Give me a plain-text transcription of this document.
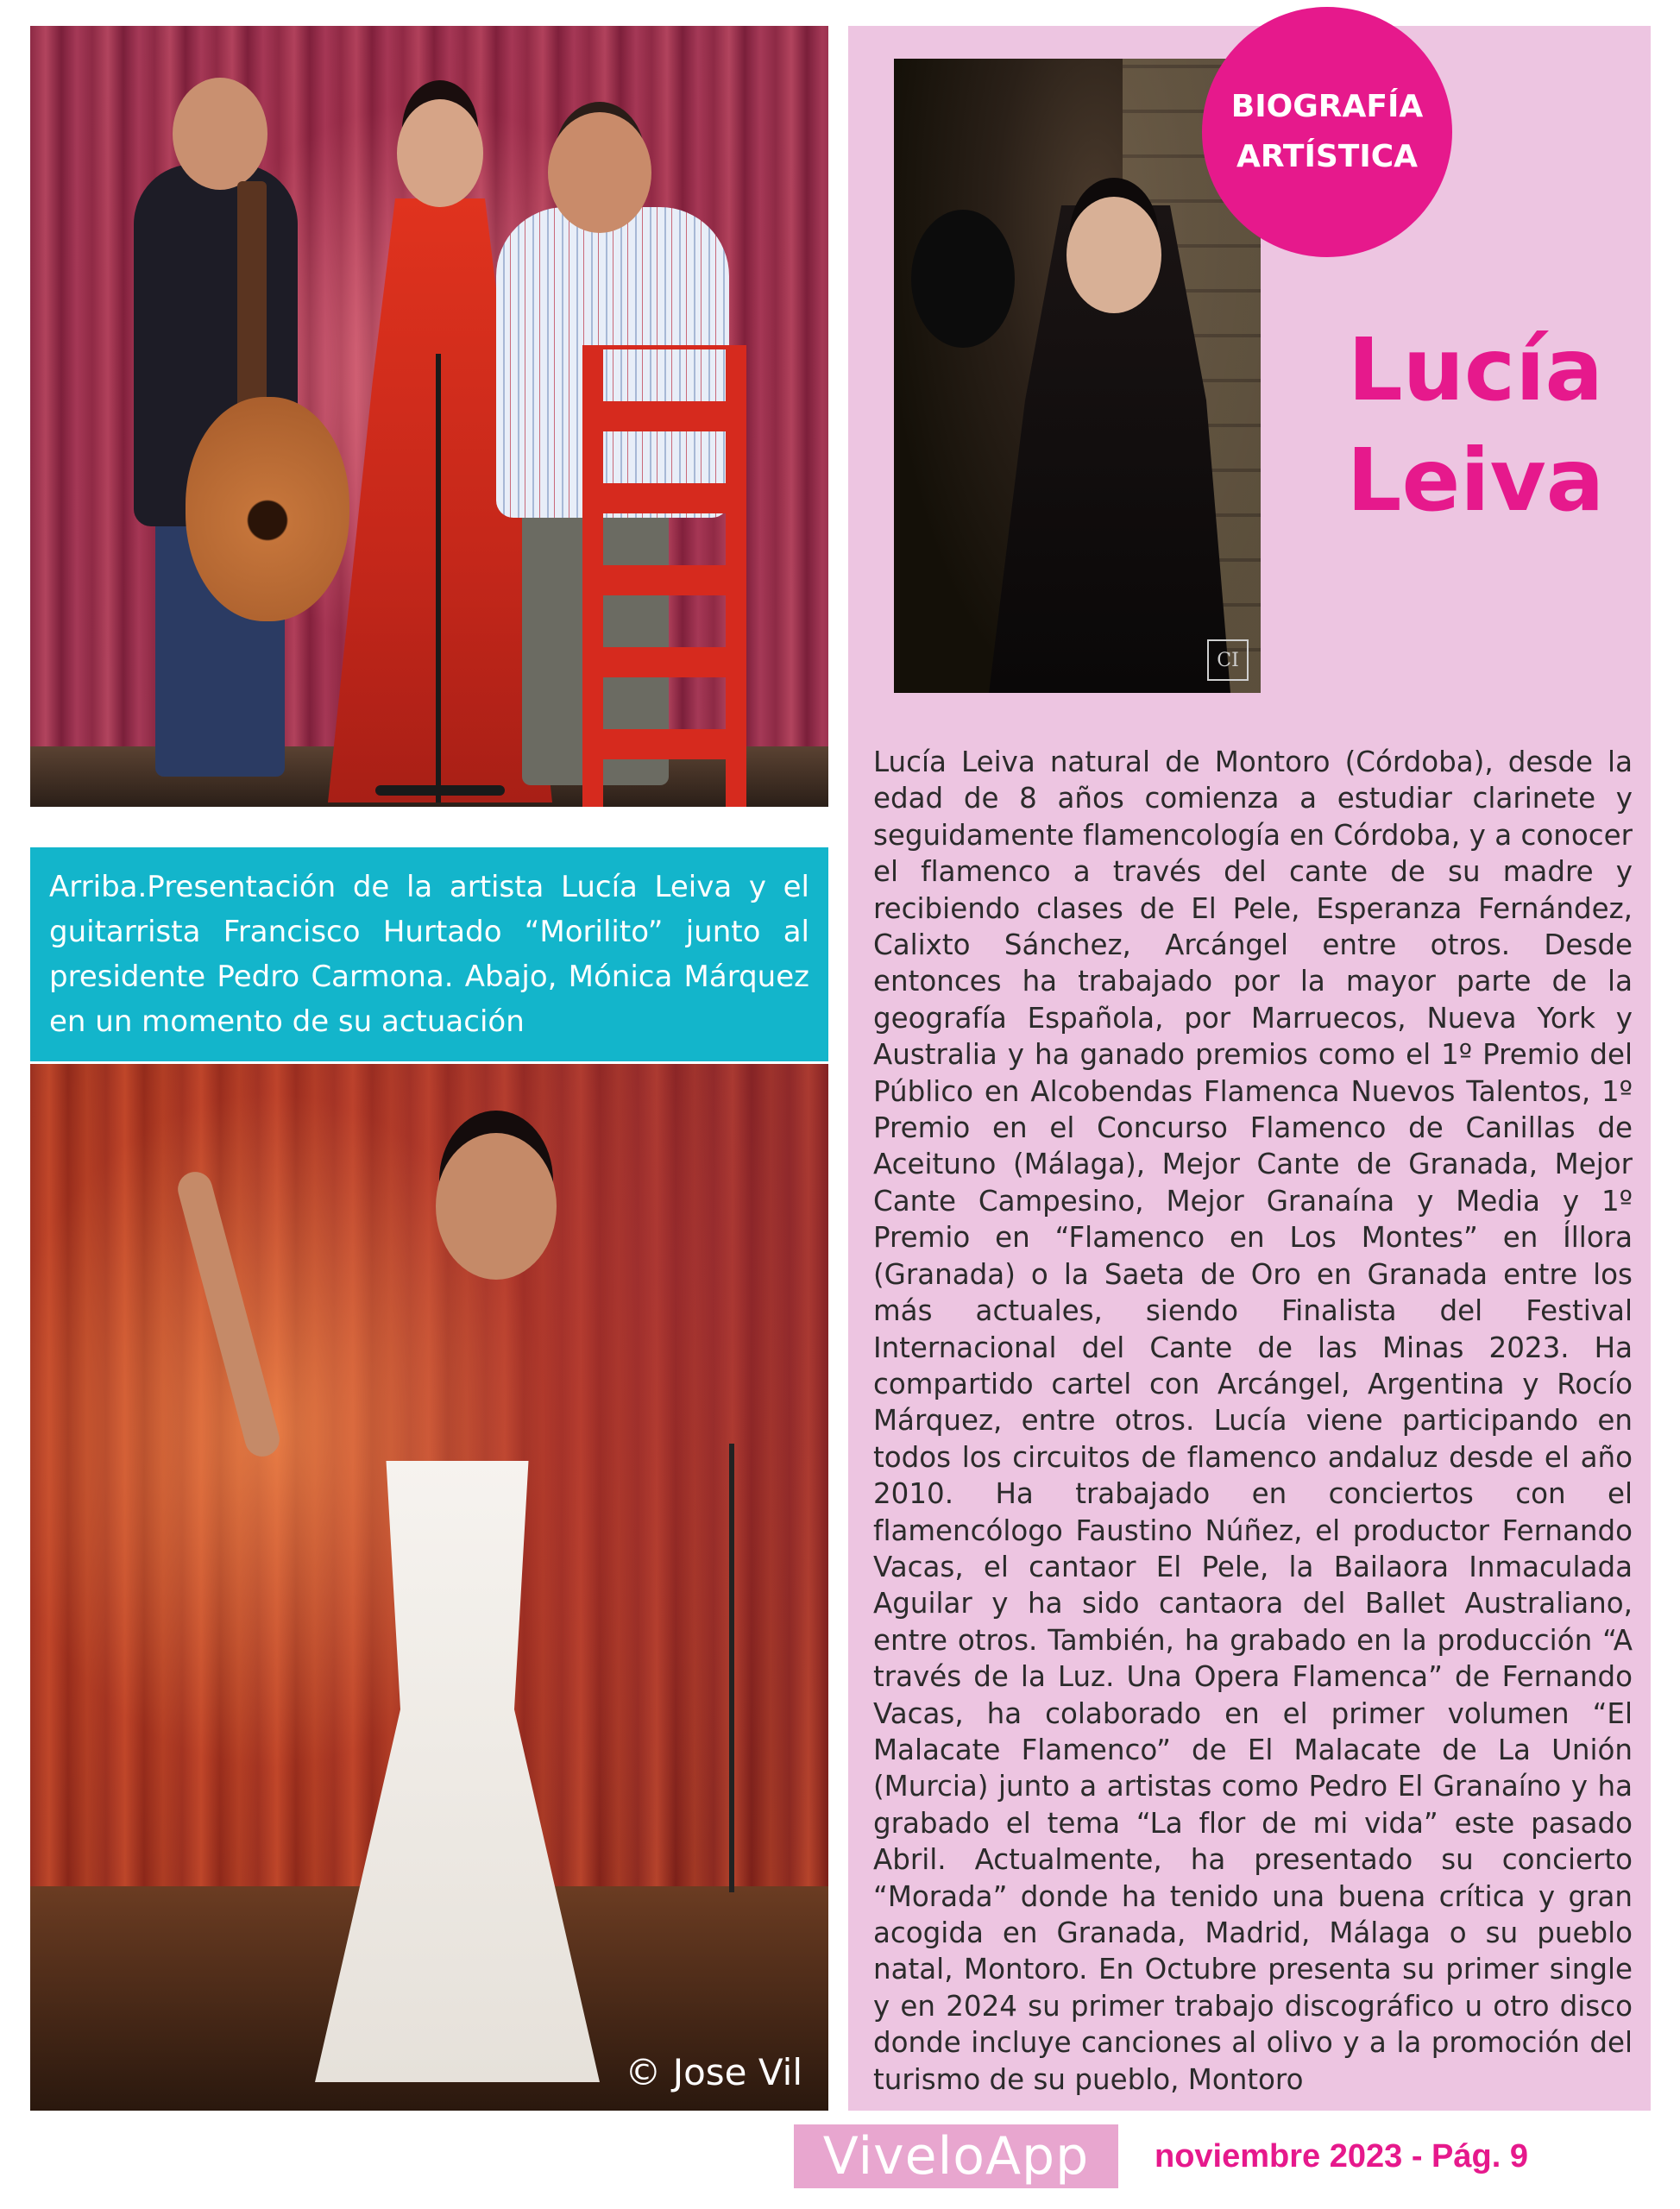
Arriba.Presentación de la artista Lucía Leiva y el guitarrista Francisco Hurtado “Morilito” junto al presidente Pedro Carmona. Abajo, Mónica Márquez en un momento de su actuación
© Jose Vil
CI
BIOGRAFÍA
ARTÍSTICA
Lucía
Leiva

Lucía Leiva natural de Montoro (Córdoba), desde la edad de 8 años comienza a estudiar clarinete y seguidamente flamencología en Córdoba, y a conocer el flamenco a través del cante de su madre y recibiendo clases de El Pele, Esperanza Fernández, Calixto Sánchez, Arcángel entre otros. Desde entonces ha trabajado por la mayor parte de la geografía Española, por Marruecos, Nueva York y Australia y ha ganado premios como el 1º Premio del Público en Alcobendas Flamenca Nuevos Talentos, 1º Premio en el Concurso Flamenco de Canillas de Aceituno (Málaga), Mejor Cante de Granada, Mejor Cante Campesino, Mejor Granaína y Media y 1º Premio en “Flamenco en Los Montes” en Íllora (Granada) o la Saeta de Oro en Granada entre los más actuales, siendo Finalista del Festival Internacional del Cante de las Minas 2023. Ha compartido cartel con Arcángel, Argentina y Rocío Márquez, entre otros. Lucía viene participando en todos los circuitos de flamenco andaluz desde el año 2010. Ha trabajado en conciertos con el flamencólogo Faustino Núñez, el productor Fernando Vacas, el cantaor El Pele, la Bailaora Inmaculada Aguilar y ha sido cantaora del Ballet Australiano, entre otros. También, ha grabado en la producción “A través de la Luz. Una Opera Flamenca” de Fernando Vacas, ha colaborado en el primer volumen “El Malacate Flamenco” de El Malacate de La Unión (Murcia) junto a artistas como Pedro El Granaíno y ha grabado el tema “La flor de mi vida” este pasado Abril. Actualmente, ha presentado su concierto “Morada” donde ha tenido una buena crítica y gran acogida en Granada, Madrid, Málaga o su pueblo natal, Montoro. En Octubre presenta su primer single y en 2024 su primer trabajo discográfico u otro disco donde incluye canciones al olivo y a la promoción del turismo de su pueblo, Montoro

ViveloApp	noviembre 2023 - Pág. 9
